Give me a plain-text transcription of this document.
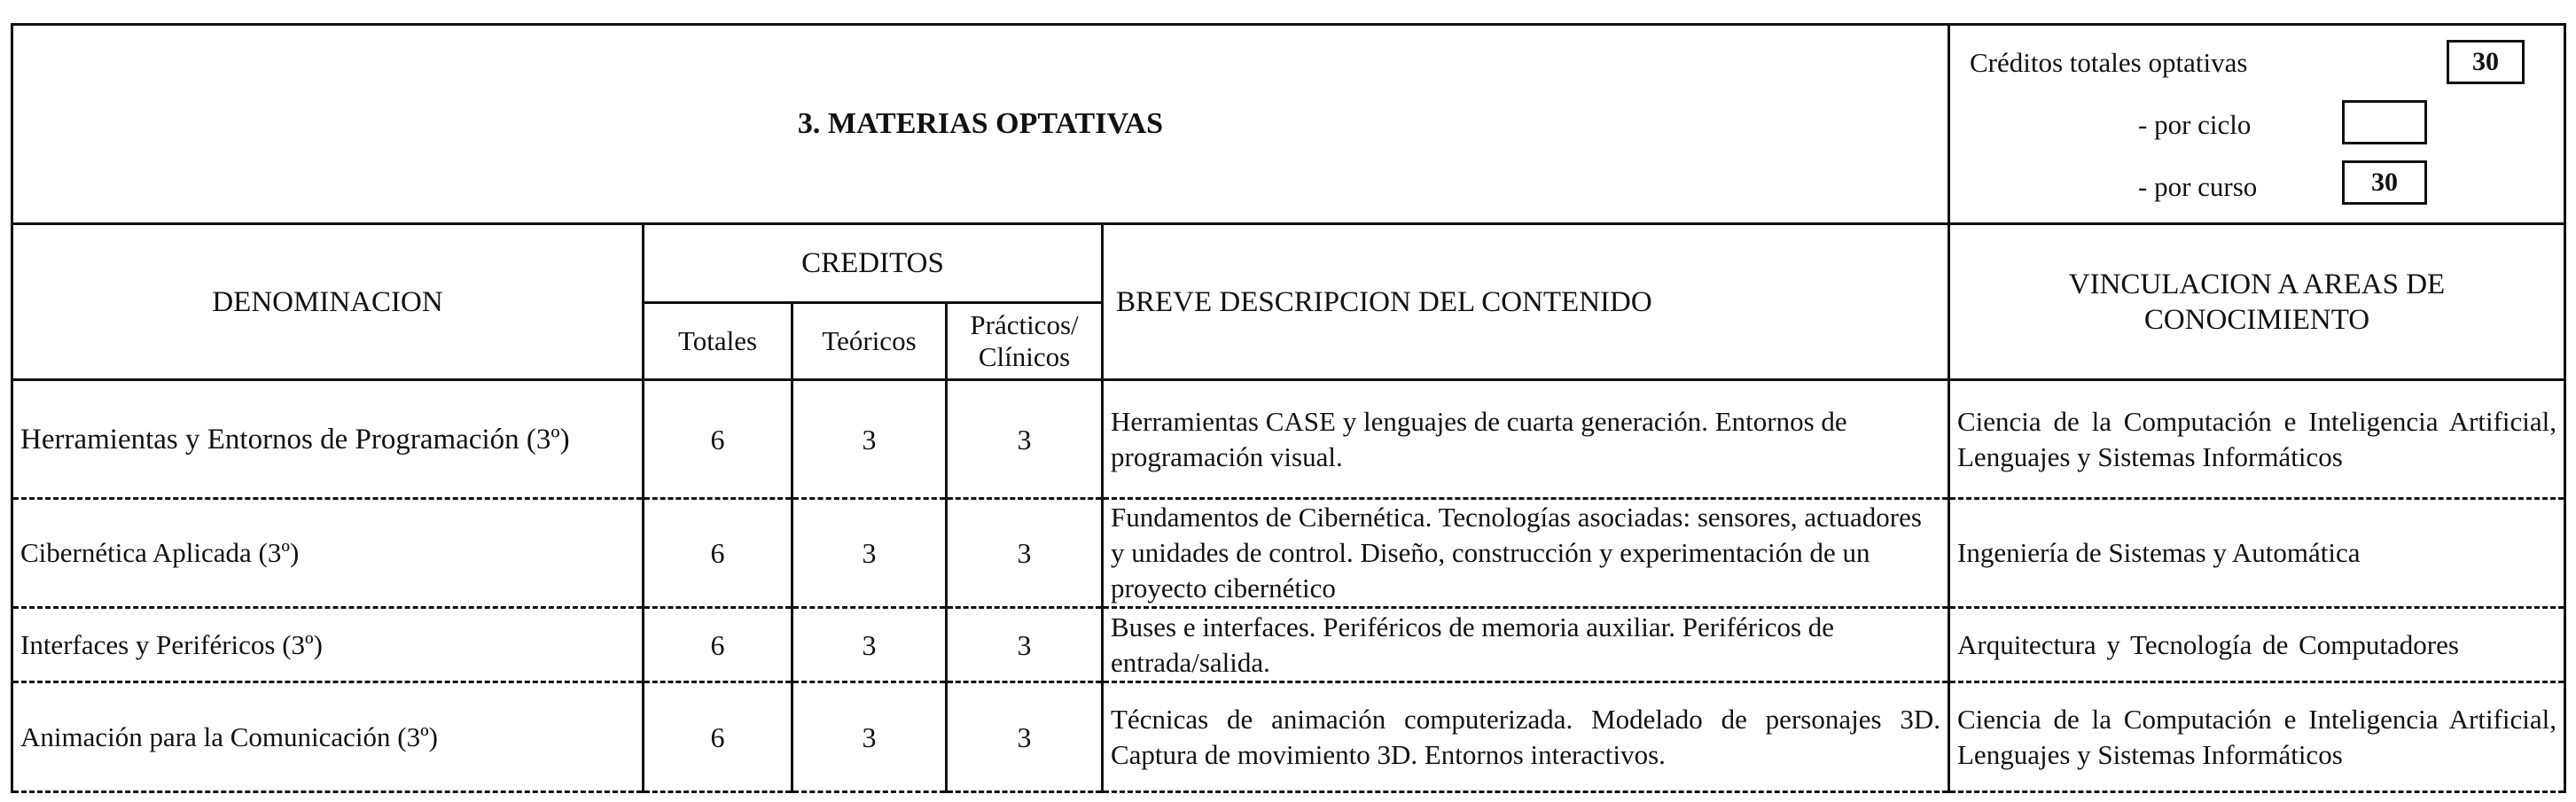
3. MATERIAS OPTATIVAS					Créditos totales optativas 30
- por ciclo
- por curso 30

DENOMINACION	CREDITOS			BREVE DESCRIPCION DEL CONTENIDO	VINCULACION A AREAS DE CONOCIMIENTO
	Totales	Teóricos	Prácticos/ Clínicos		
Herramientas y Entornos de Programación (3º)	6	3	3	Herramientas CASE y lenguajes de cuarta generación. Entornos de programación visual.	Ciencia de la Computación e Inteligencia Artificial, Lenguajes y Sistemas Informáticos
Cibernética Aplicada (3º)	6	3	3	Fundamentos de Cibernética. Tecnologías asociadas: sensores, actuadores y unidades de control. Diseño, construcción y experimentación de un proyecto cibernético	Ingeniería de Sistemas y Automática
Interfaces y Periféricos (3º)	6	3	3	Buses e interfaces. Periféricos de memoria auxiliar. Periféricos de entrada/salida.	Arquitectura y Tecnología de Computadores
Animación para la Comunicación (3º)	6	3	3	Técnicas de animación computerizada. Modelado de personajes 3D. Captura de movimiento 3D. Entornos interactivos.	Ciencia de la Computación e Inteligencia Artificial, Lenguajes y Sistemas Informáticos
